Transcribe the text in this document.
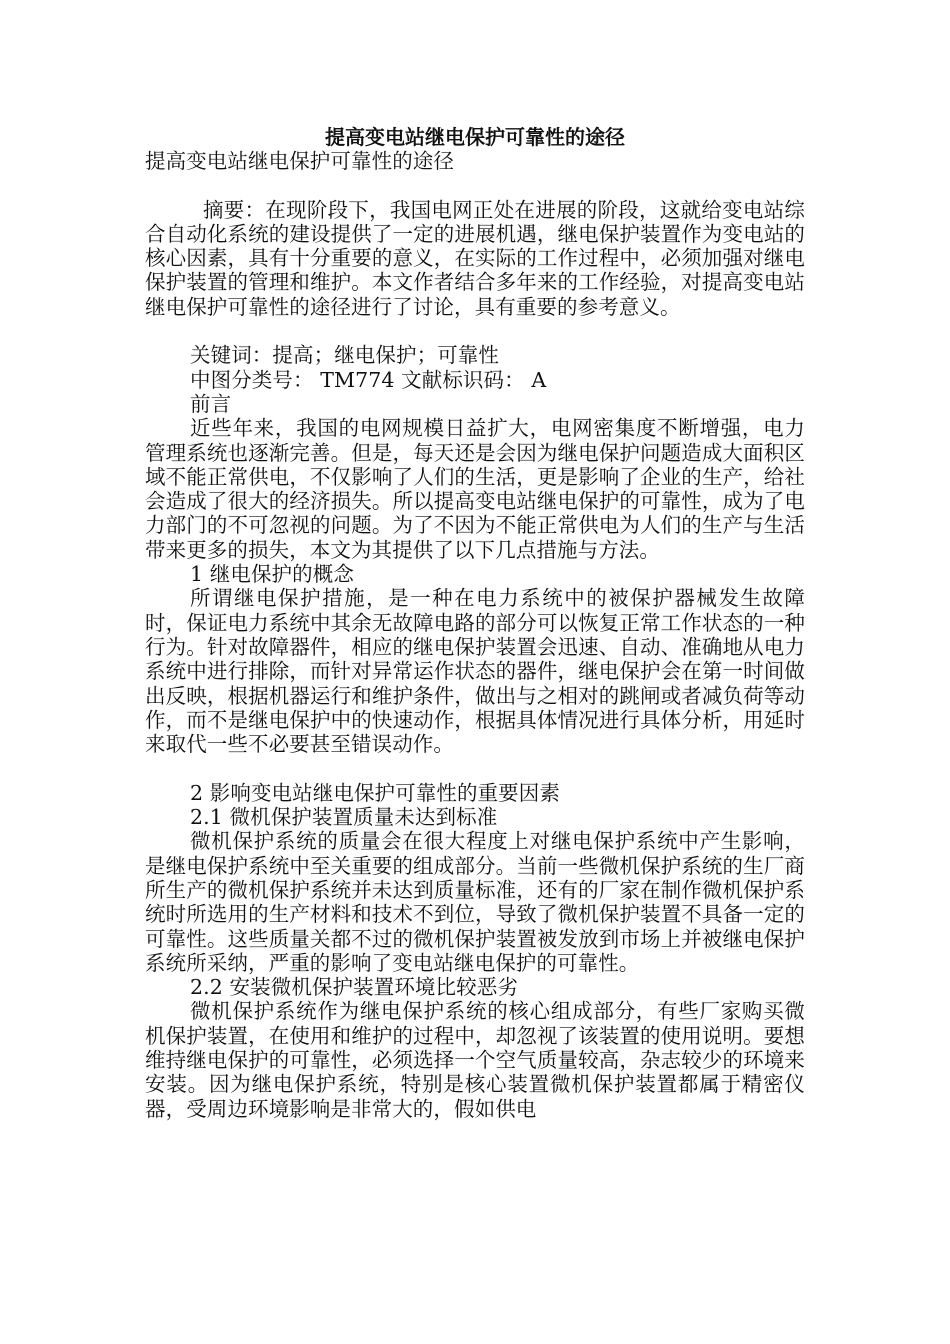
提高变电站继电保护可靠性的途径

提高变电站继电保护可靠性的途径

摘要：在现阶段下，我国电网正处在进展的阶段，这就给变电站综合自动化系统的建设提供了一定的进展机遇，继电保护装置作为变电站的核心因素，具有十分重要的意义，在实际的工作过程中，必须加强对继电保护装置的管理和维护。本文作者结合多年来的工作经验，对提高变电站继电保护可靠性的途径进行了讨论，具有重要的参考意义。

关键词：提高；继电保护；可靠性

中图分类号： TM774 文献标识码： A

前言

近些年来，我国的电网规模日益扩大，电网密集度不断增强，电力管理系统也逐渐完善。但是，每天还是会因为继电保护问题造成大面积区域不能正常供电，不仅影响了人们的生活，更是影响了企业的生产，给社会造成了很大的经济损失。所以提高变电站继电保护的可靠性，成为了电力部门的不可忽视的问题。为了不因为不能正常供电为人们的生产与生活带来更多的损失，本文为其提供了以下几点措施与方法。

1 继电保护的概念

所谓继电保护措施，是一种在电力系统中的被保护器械发生故障时，保证电力系统中其余无故障电路的部分可以恢复正常工作状态的一种行为。针对故障器件，相应的继电保护装置会迅速、自动、准确地从电力系统中进行排除，而针对异常运作状态的器件，继电保护会在第一时间做出反映，根据机器运行和维护条件，做出与之相对的跳闸或者减负荷等动作，而不是继电保护中的快速动作，根据具体情况进行具体分析，用延时来取代一些不必要甚至错误动作。

2 影响变电站继电保护可靠性的重要因素

2.1 微机保护装置质量未达到标准

微机保护系统的质量会在很大程度上对继电保护系统中产生影响，是继电保护系统中至关重要的组成部分。当前一些微机保护系统的生厂商所生产的微机保护系统并未达到质量标准，还有的厂家在制作微机保护系统时所选用的生产材料和技术不到位，导致了微机保护装置不具备一定的可靠性。这些质量关都不过的微机保护装置被发放到市场上并被继电保护系统所采纳，严重的影响了变电站继电保护的可靠性。

2.2 安装微机保护装置环境比较恶劣

微机保护系统作为继电保护系统的核心组成部分，有些厂家购买微机保护装置，在使用和维护的过程中，却忽视了该装置的使用说明。要想维持继电保护的可靠性，必须选择一个空气质量较高，杂志较少的环境来安装。因为继电保护系统，特别是核心装置微机保护装置都属于精密仪器，受周边环境影响是非常大的，假如供电
